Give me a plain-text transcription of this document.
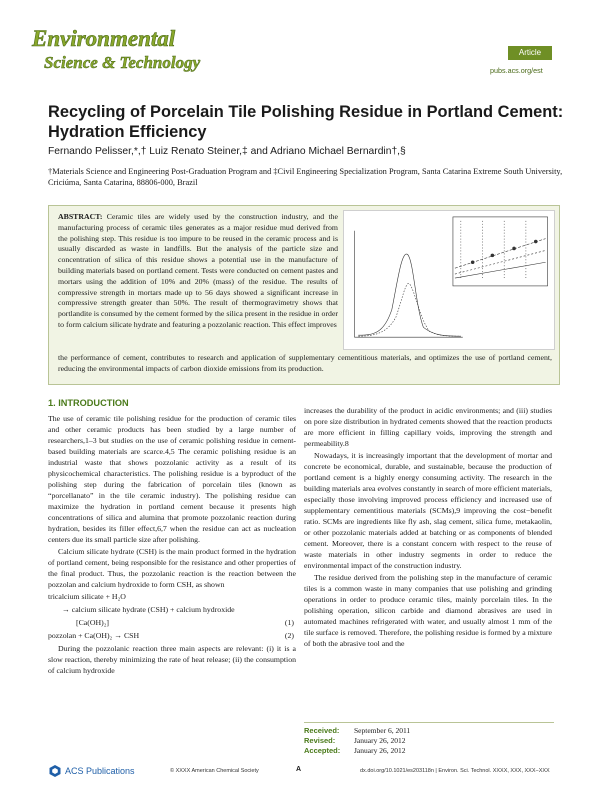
Environmental
Science & Technology
Article
pubs.acs.org/est
Recycling of Porcelain Tile Polishing Residue in Portland Cement: Hydration Efficiency
Fernando Pelisser,*,† Luiz Renato Steiner,‡ and Adriano Michael Bernardin†,§
†Materials Science and Engineering Post-Graduation Program and ‡Civil Engineering Specialization Program, Santa Catarina Extreme South University, Criciúma, Santa Catarina, 88806-000, Brazil

ABSTRACT: Ceramic tiles are widely used by the construction industry, and the manufacturing process of ceramic tiles generates as a major residue mud derived from the polishing step. This residue is too impure to be reused in the ceramic process and is usually discarded as waste in landfills. But the analysis of the particle size and concentration of silica of this residue shows a potential use in the manufacture of building materials based on portland cement. Tests were conducted on cement pastes and mortars using the addition of 10% and 20% (mass) of the residue. The results of compressive strength in mortars made up to 56 days showed a significant increase in compressive strength greater than 50%. The result of thermogravimetry shows that portlandite is consumed by the cement formed by the silica present in the residue in order to form calcium silicate hydrate and featuring a pozzolanic reaction. This effect improves

the performance of cement, contributes to research and application of supplementary cementitious materials, and optimizes the use of portland cement, reducing the environmental impacts of carbon dioxide emissions from its production.

1. INTRODUCTION

The use of ceramic tile polishing residue for the production of ceramic tiles and other ceramic products has been studied by a large number of researchers,1–3 but studies on the use of ceramic polishing residue in cement-based building materials are scarce.4,5 The ceramic polishing residue is an industrial waste that shows pozzolanic activity as a result of its physicochemical characteristics. The polishing residue is a byproduct of the polishing step during the fabrication of porcelain tiles (known as “porcellanato” in the tile ceramic industry). The polishing residue can maximize the hydration in portland cement because it presents high concentrations of silica and alumina that promote pozzolanic reaction during hydration, besides its filler effect,6,7 when the residue can act as nucleation centers due its small particle size after polishing.

Calcium silicate hydrate (CSH) is the main product formed in the hydration of portland cement, being responsible for the resistance and other properties of the final product. Thus, the pozzolanic reaction is the reaction between the pozzolan and calcium hydroxide to form CSH, as shown

tricalcium silicate + H₂O
→ calcium silicate hydrate (CSH) + calcium hydroxide
[Ca(OH)₂]	(1)
pozzolan + Ca(OH)₂ → CSH	(2)

During the pozzolanic reaction three main aspects are relevant: (i) it is a slow reaction, thereby minimizing the rate of heat release; (ii) the consumption of calcium hydroxide

increases the durability of the product in acidic environments; and (iii) studies on pore size distribution in hydrated cements showed that the reaction products are more efficient in filling capillary voids, improving the strength and permeability.8

Nowadays, it is increasingly important that the development of mortar and concrete be economical, durable, and sustainable, because the production of portland cement is a highly energy consuming activity. The research in the building materials area evolves constantly in search of more efficient materials, especially those involving improved process efficiency and increased use of supplementary cementitious materials (SCMs),9 improving the cost−benefit ratio. SCMs are ingredients like fly ash, slag cement, silica fume, metakaolin, or other pozzolanic materials added at batching or as components of blended cement. Moreover, there is a constant concern with respect to the reuse of waste materials in other industry segments in order to reduce the environmental impact of the construction industry.

The residue derived from the polishing step in the manufacture of ceramic tiles is a common waste in many companies that use polishing and grinding operations in order to produce ceramic tiles, mainly porcelain tiles. In the polishing operation, silicon carbide and diamond abrasives are used in automated machines refrigerated with water, and usually almost 1 mm of the tile surface is removed. Therefore, the polishing residue is formed by a mixture of both the abrasive tool and the

Received:	September 6, 2011
Revised:	January 26, 2012
Accepted:	January 26, 2012
ACS Publications	© XXXX American Chemical Society	A	dx.doi.org/10.1021/es203118n | Environ. Sci. Technol. XXXX, XXX, XXX−XXX
